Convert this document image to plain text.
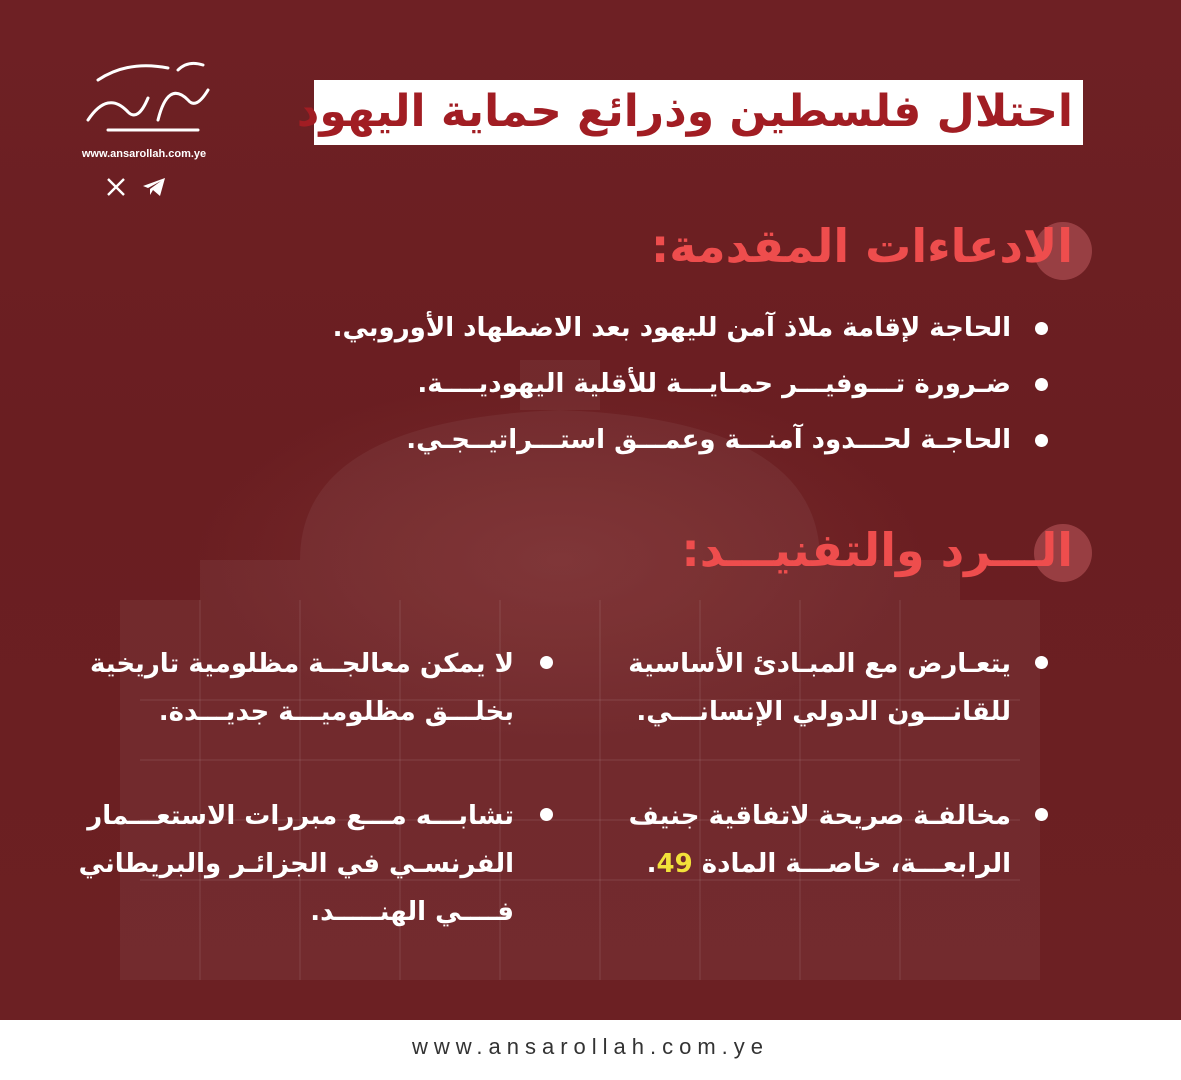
www.ansarollah.com.ye
احتلال فلسطين وذرائع حماية اليهود
الادعاءات المقدمة:
الحاجة لإقامة ملاذ آمن لليهود بعد الاضطهاد الأوروبي.
ضـرورة تـــوفيـــر حمـايـــة للأقلية اليهوديــــة.
الحاجـة لحـــدود آمنـــة وعمـــق استـــراتيــجـي.
الـــرد والتفنيـــد:
يتعـارض مع المبـادئ الأساسية
للقانـــون الدولي الإنسانـــي.
مخالفـة صريحة لاتفاقية جنيف
الرابعـــة، خاصـــة المادة 49.
لا يمكن معالجــة مظلومية تاريخية
بخلـــق مظلوميـــة جديـــدة.
تشابـــه مـــع مبررات الاستعـــمار
الفرنسـي في الجزائـر والبريطاني
فــــي الهنـــــد.
www.ansarollah.com.ye
